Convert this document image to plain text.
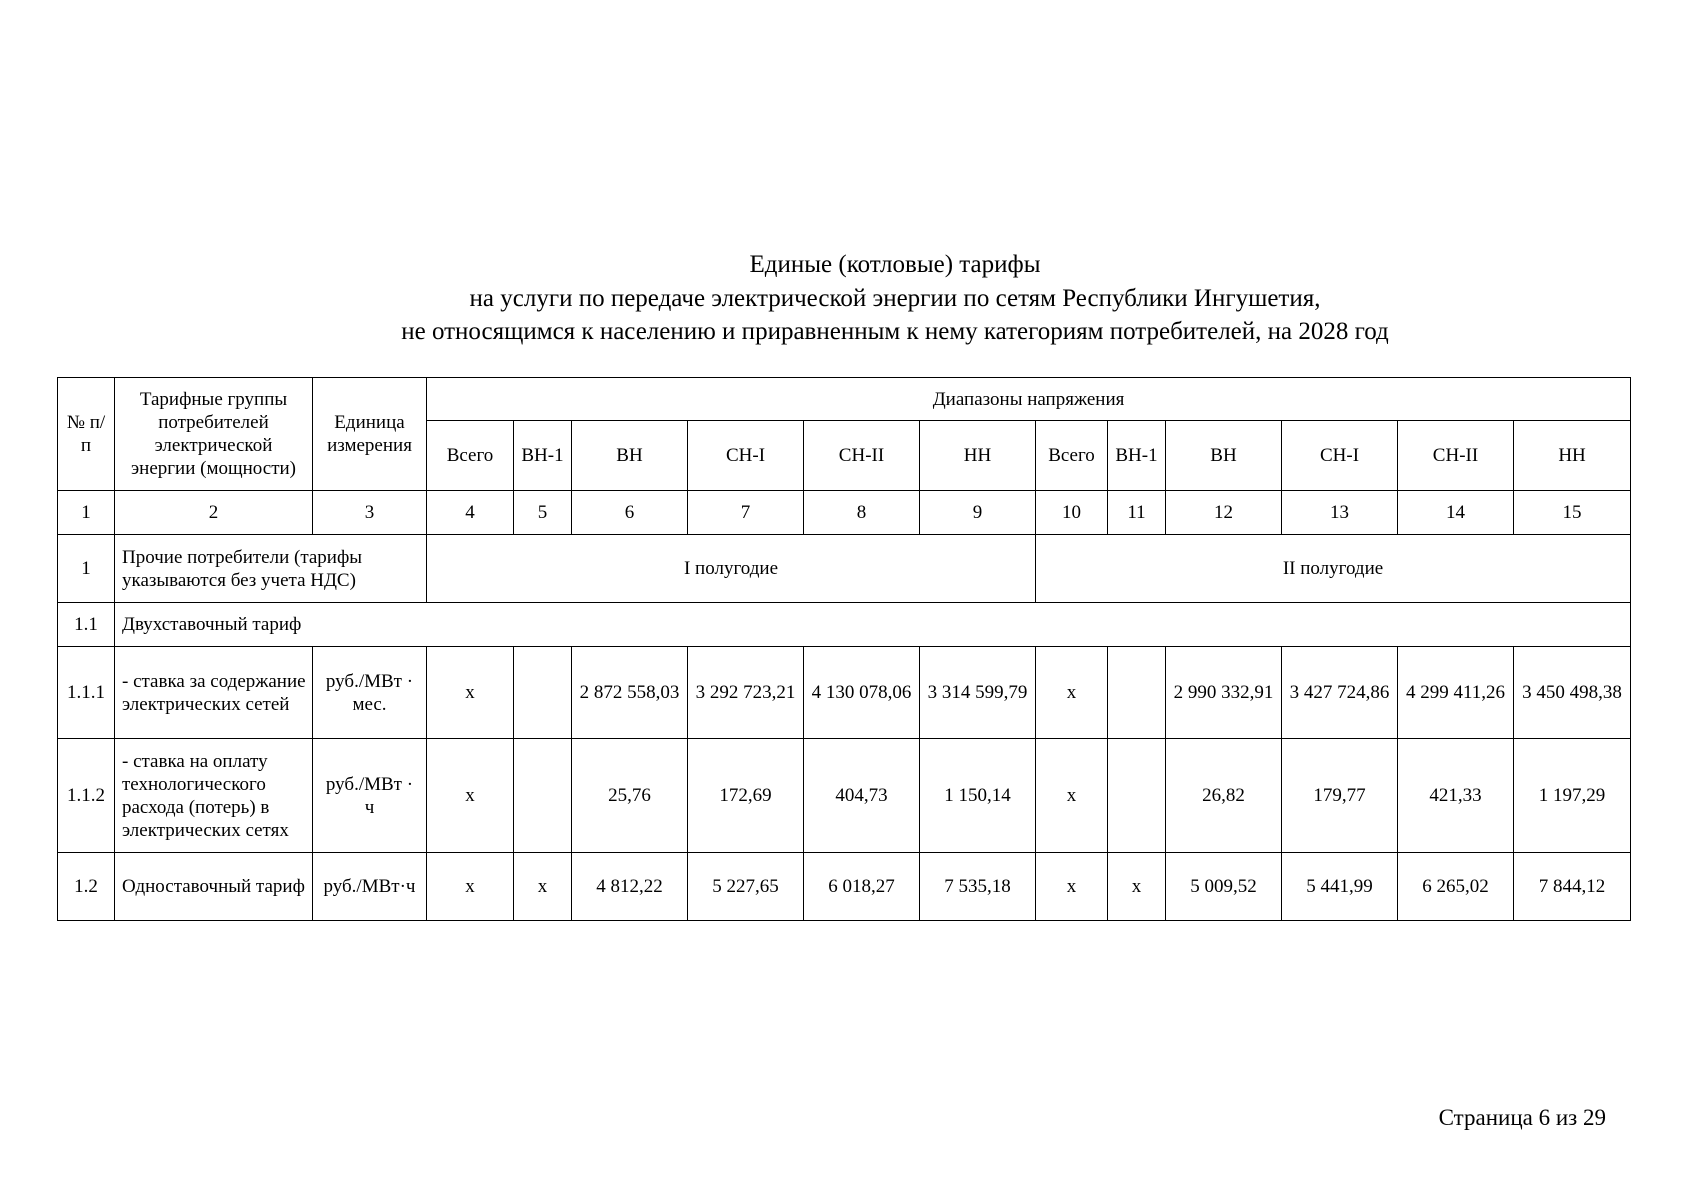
Единые (котловые) тарифы
на услуги по передаче электрической энергии по сетям Республики Ингушетия,
не относящимся к населению и приравненным к нему категориям потребителей, на 2028 год
№ п/п	Тарифные группы потребителей электрической энергии (мощности)	Единица измерения	Диапазоны напряжения											
			Всего	ВН-1	ВН	СН-I	СН-II	НН	Всего	ВН-1	ВН	СН-I	СН-II	НН
1	2	3	4	5	6	7	8	9	10	11	12	13	14	15
1	Прочие потребители (тарифы указываются без учета НДС)		I полугодие						II полугодие					
1.1	Двухставочный тариф													
1.1.1	- ставка за содержание электрических сетей	руб./МВт · мес.	x		2 872 558,03	3 292 723,21	4 130 078,06	3 314 599,79	x		2 990 332,91	3 427 724,86	4 299 411,26	3 450 498,38
1.1.2	- ставка на оплату технологического расхода (потерь) в электрических сетях	руб./МВт · ч	x		25,76	172,69	404,73	1 150,14	x		26,82	179,77	421,33	1 197,29
1.2	Одноставочный тариф	руб./МВт·ч	x	x	4 812,22	5 227,65	6 018,27	7 535,18	x	x	5 009,52	5 441,99	6 265,02	7 844,12
Страница 6 из 29
